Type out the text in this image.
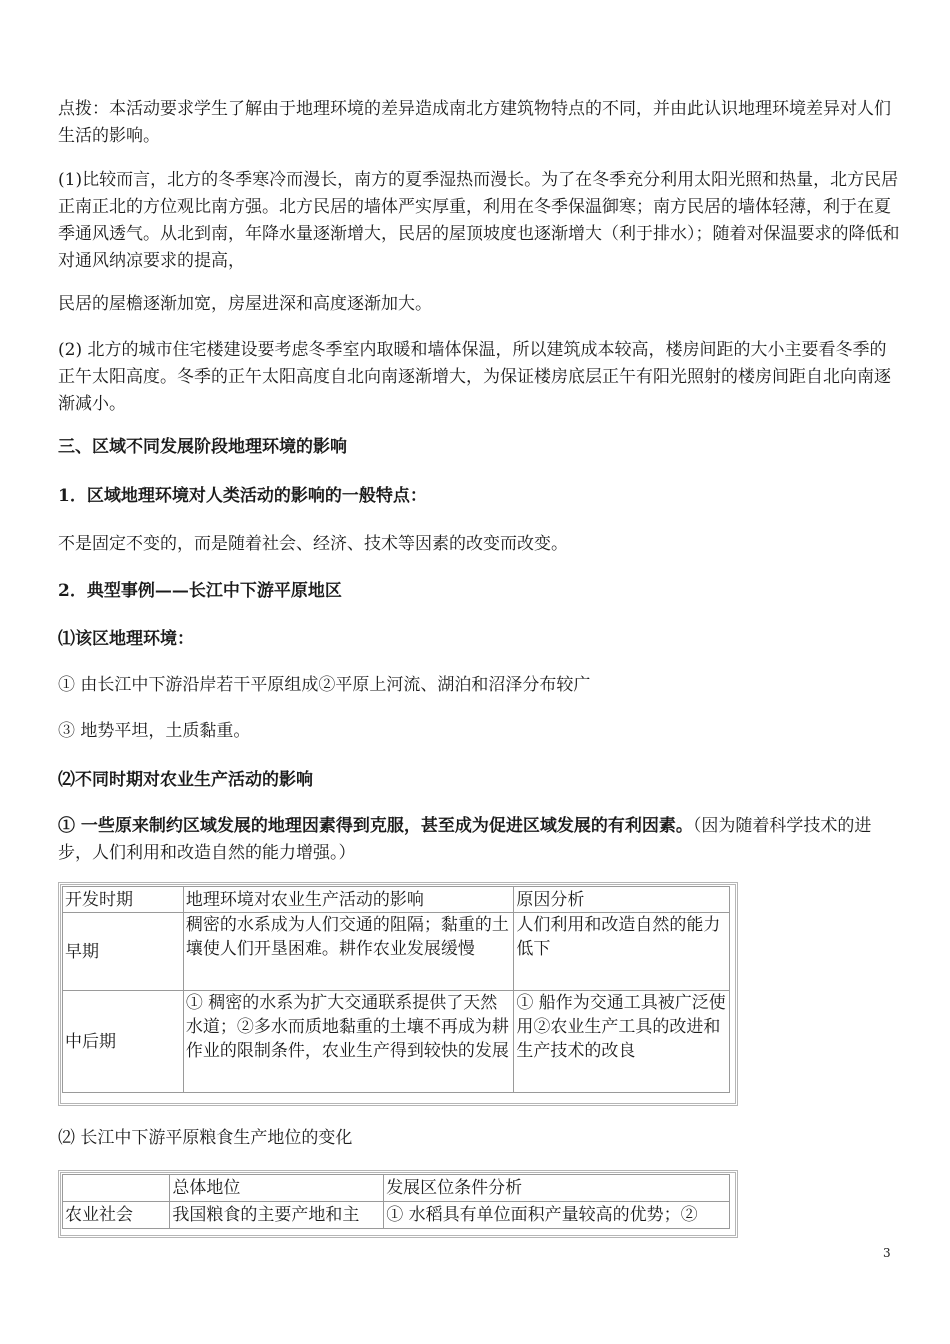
点拨：本活动要求学生了解由于地理环境的差异造成南北方建筑物特点的不同，并由此认识地理环境差异对人们生活的影响。

(1)比较而言，北方的冬季寒冷而漫长，南方的夏季湿热而漫长。为了在冬季充分利用太阳光照和热量，北方民居正南正北的方位观比南方强。北方民居的墙体严实厚重，利用在冬季保温御寒；南方民居的墙体轻薄，利于在夏季通风透气。从北到南，年降水量逐渐增大，民居的屋顶坡度也逐渐增大（利于排水）；随着对保温要求的降低和对通风纳凉要求的提高，

民居的屋檐逐渐加宽，房屋进深和高度逐渐加大。

(2) 北方的城市住宅楼建设要考虑冬季室内取暖和墙体保温，所以建筑成本较高，楼房间距的大小主要看冬季的正午太阳高度。冬季的正午太阳高度自北向南逐渐增大，为保证楼房底层正午有阳光照射的楼房间距自北向南逐渐减小。

三、区域不同发展阶段地理环境的影响

1．区域地理环境对人类活动的影响的一般特点：

不是固定不变的，而是随着社会、经济、技术等因素的改变而改变。

2．典型事例——长江中下游平原地区

⑴该区地理环境：

① 由长江中下游沿岸若干平原组成②平原上河流、湖泊和沼泽分布较广

③ 地势平坦，土质黏重。

⑵不同时期对农业生产活动的影响

① 一些原来制约区域发展的地理因素得到克服，甚至成为促进区域发展的有利因素。（因为随着科学技术的进步，人们利用和改造自然的能力增强。）

开发时期	地理环境对农业生产活动的影响	原因分析
早期	稠密的水系成为人们交通的阻隔；黏重的土壤使人们开垦困难。耕作农业发展缓慢	人们利用和改造自然的能力低下
中后期	① 稠密的水系为扩大交通联系提供了天然水道；②多水而质地黏重的土壤不再成为耕作业的限制条件，农业生产得到较快的发展	① 船作为交通工具被广泛使用②农业生产工具的改进和生产技术的改良

⑵ 长江中下游平原粮食生产地位的变化

	总体地位	发展区位条件分析
农业社会	我国粮食的主要产地和主	① 水稻具有单位面积产量较高的优势；②
3
